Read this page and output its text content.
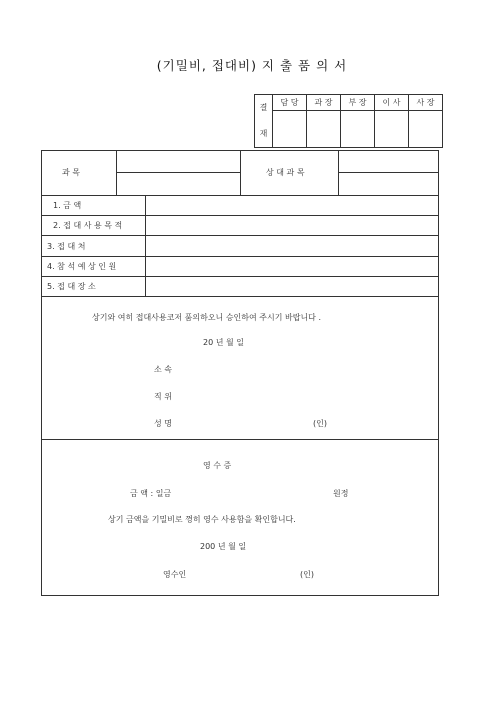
(기밀비, 접대비) 지 출 품 의 서
결
재	담 당	과 장	부 장	이 사	사 장

과 목	상 대 과 목
1. 금 액
2. 접 대 사 용 목 적
3. 접 대 처
4. 참 석 예 상 인 원
5. 접 대 장 소
상기와 여히 접대사용코저 품의하오니 승인하여 주시기 바랍니다 .
20 년 월 일
소 속
직 위
성 명	(인)
영 수 증
금 액 : 일금	원정
상기 금액을 기밀비로 꼉히 영수 사용함을 확인합니다.
200 년 월 일
영수인	(인)
